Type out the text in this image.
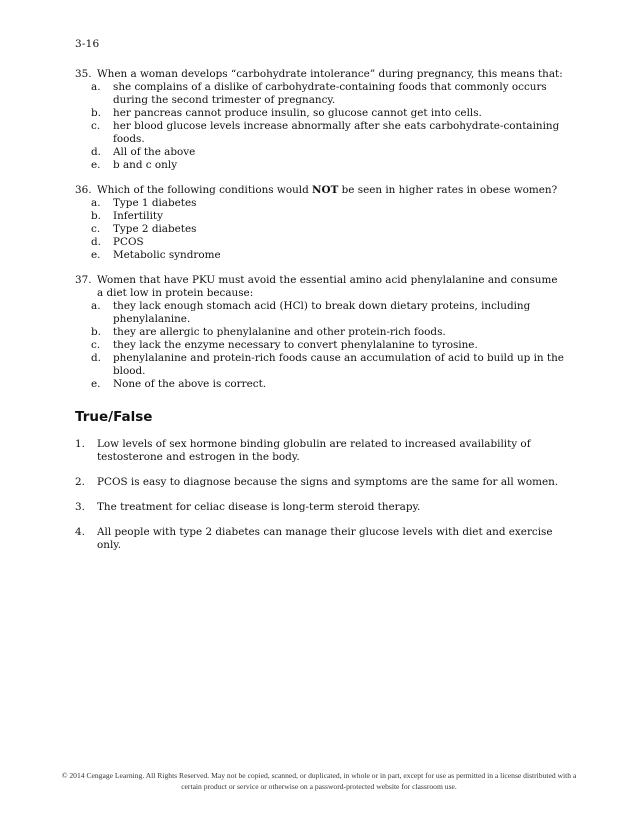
3-16
35. When a woman develops “carbohydrate intolerance” during pregnancy, this means that:
a. she complains of a dislike of carbohydrate-containing foods that commonly occurs during the second trimester of pregnancy.
b. her pancreas cannot produce insulin, so glucose cannot get into cells.
c. her blood glucose levels increase abnormally after she eats carbohydrate-containing foods.
d. All of the above
e. b and c only
36. Which of the following conditions would NOT be seen in higher rates in obese women?
a. Type 1 diabetes
b. Infertility
c. Type 2 diabetes
d. PCOS
e. Metabolic syndrome
37. Women that have PKU must avoid the essential amino acid phenylalanine and consume a diet low in protein because:
a. they lack enough stomach acid (HCl) to break down dietary proteins, including phenylalanine.
b. they are allergic to phenylalanine and other protein-rich foods.
c. they lack the enzyme necessary to convert phenylalanine to tyrosine.
d. phenylalanine and protein-rich foods cause an accumulation of acid to build up in the blood.
e. None of the above is correct.
True/False
1. Low levels of sex hormone binding globulin are related to increased availability of testosterone and estrogen in the body.
2. PCOS is easy to diagnose because the signs and symptoms are the same for all women.
3. The treatment for celiac disease is long-term steroid therapy.
4. All people with type 2 diabetes can manage their glucose levels with diet and exercise only.
© 2014 Cengage Learning. All Rights Reserved. May not be copied, scanned, or duplicated, in whole or in part, except for use as permitted in a license distributed with a certain product or service or otherwise on a password-protected website for classroom use.
